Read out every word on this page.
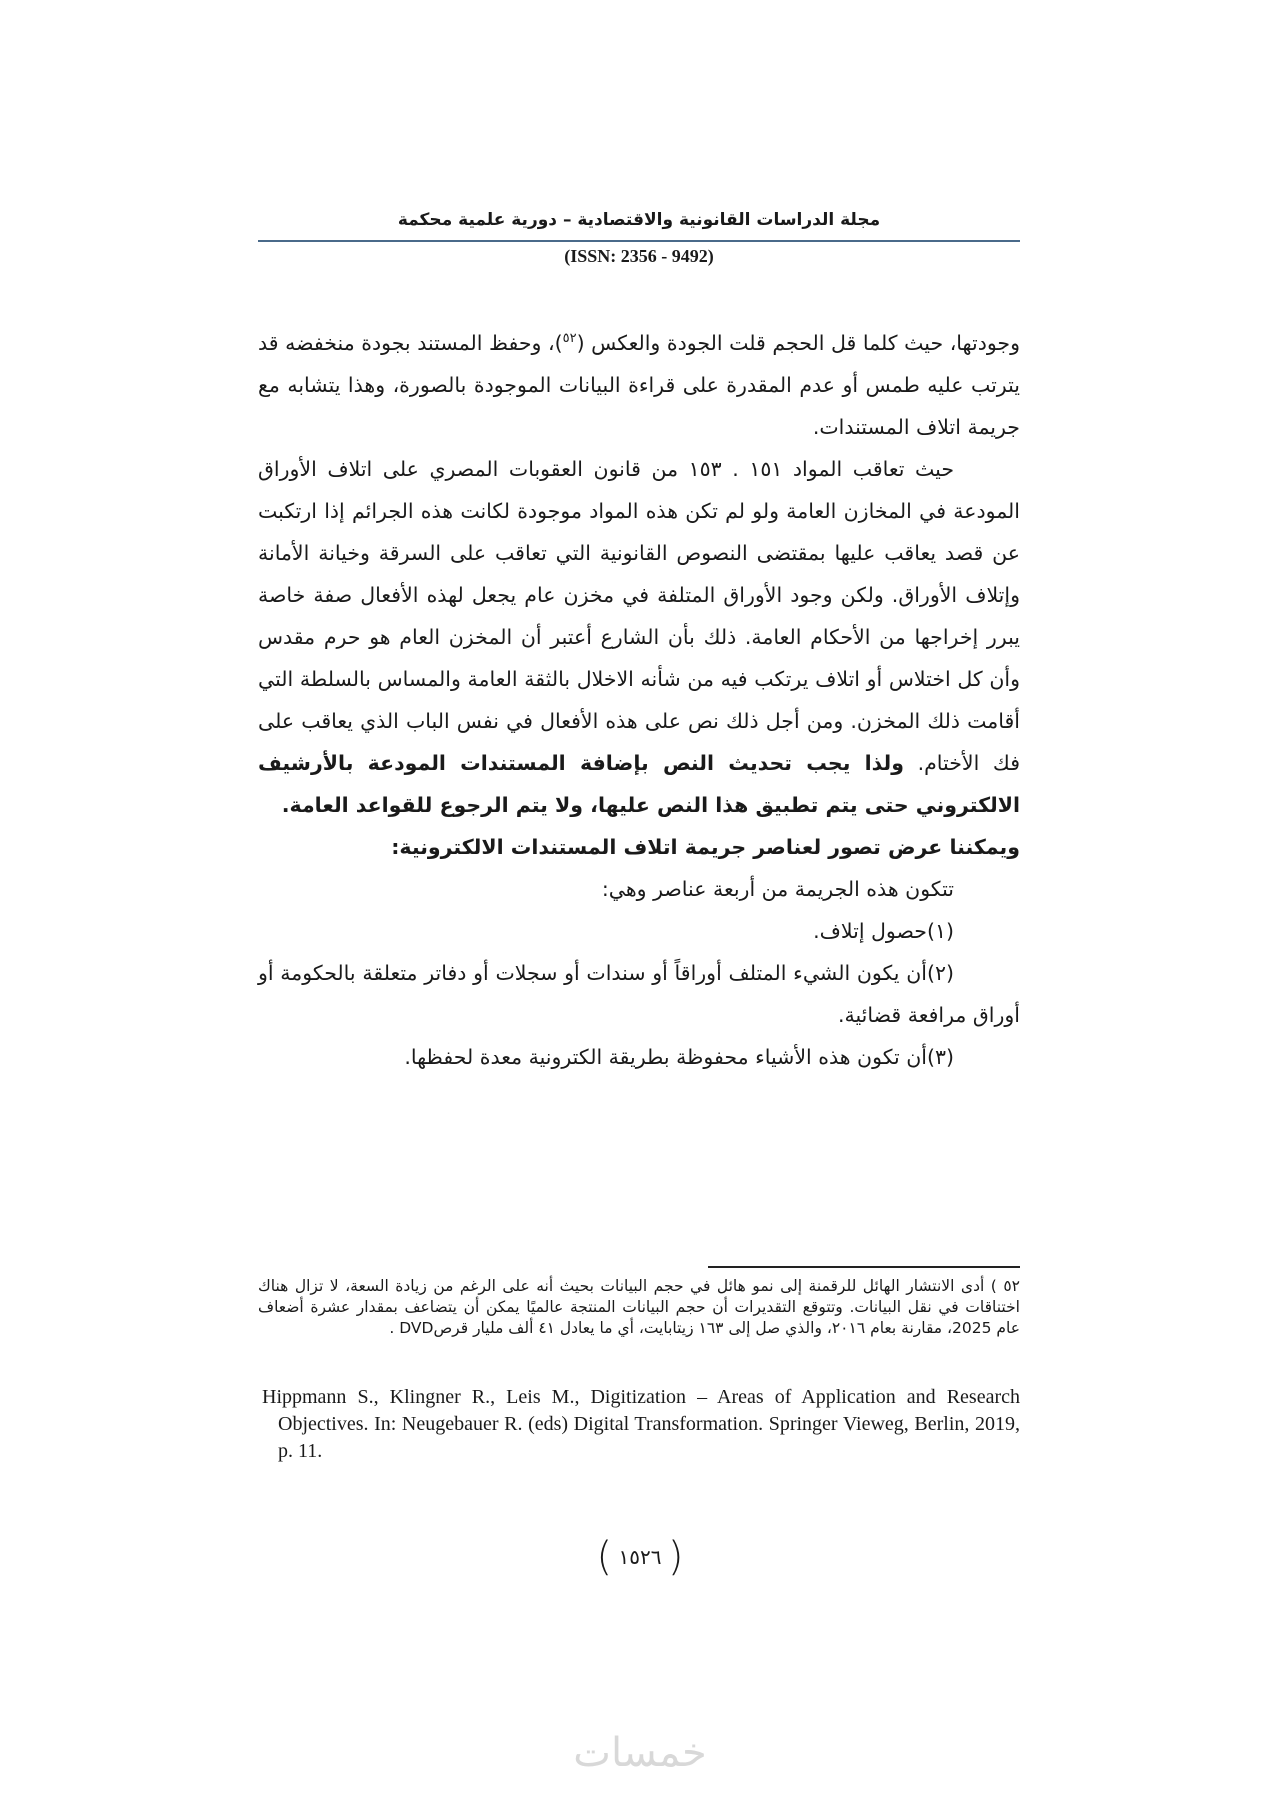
مجلة الدراسات القانونية والاقتصادية – دورية علمية محكمة
(ISSN: 2356 - 9492)

وجودتها، حيث كلما قل الحجم قلت الجودة والعكس ($^{٥٢}$)، وحفظ المستند بجودة منخفضه قد يترتب عليه طمس أو عدم المقدرة على قراءة البيانات الموجودة بالصورة، وهذا يتشابه مع جريمة اتلاف المستندات.

حيث تعاقب المواد ١٥١ . ١٥٣ من قانون العقوبات المصري على اتلاف الأوراق المودعة في المخازن العامة ولو لم تكن هذه المواد موجودة لكانت هذه الجرائم إذا ارتكبت عن قصد يعاقب عليها بمقتضى النصوص القانونية التي تعاقب على السرقة وخيانة الأمانة وإتلاف الأوراق. ولكن وجود الأوراق المتلفة في مخزن عام يجعل لهذه الأفعال صفة خاصة يبرر إخراجها من الأحكام العامة. ذلك بأن الشارع أعتبر أن المخزن العام هو حرم مقدس وأن كل اختلاس أو اتلاف يرتكب فيه من شأنه الاخلال بالثقة العامة والمساس بالسلطة التي أقامت ذلك المخزن. ومن أجل ذلك نص على هذه الأفعال في نفس الباب الذي يعاقب على فك الأختام. ولذا يجب تحديث النص بإضافة المستندات المودعة بالأرشيف الالكتروني حتى يتم تطبيق هذا النص عليها، ولا يتم الرجوع للقواعد العامة.

ويمكننا عرض تصور لعناصر جريمة اتلاف المستندات الالكترونية:

تتكون هذه الجريمة من أربعة عناصر وهي:

(١)حصول إتلاف.

(٢)أن يكون الشيء المتلف أوراقاً أو سندات أو سجلات أو دفاتر متعلقة بالحكومة أو أوراق مرافعة قضائية.

(٣)أن تكون هذه الأشياء محفوظة بطريقة الكترونية معدة لحفظها.

٥٢ ) أدى الانتشار الهائل للرقمنة إلى نمو هائل في حجم البيانات بحيث أنه على الرغم من زيادة السعة، لا تزال هناك اختناقات في نقل البيانات. وتتوقع التقديرات أن حجم البيانات المنتجة عالميًا يمكن أن يتضاعف بمقدار عشرة أضعاف عام 2025، مقارنة بعام ٢٠١٦، والذي صل إلى ١٦٣ زيتابايت، أي ما يعادل ٤١ ألف مليار قرصDVD .
Hippmann S., Klingner R., Leis M., Digitization – Areas of Application and Research Objectives. In: Neugebauer R. (eds) Digital Transformation. Springer Vieweg, Berlin, 2019, p. 11.
( ١٥٢٦ )
خمسات
